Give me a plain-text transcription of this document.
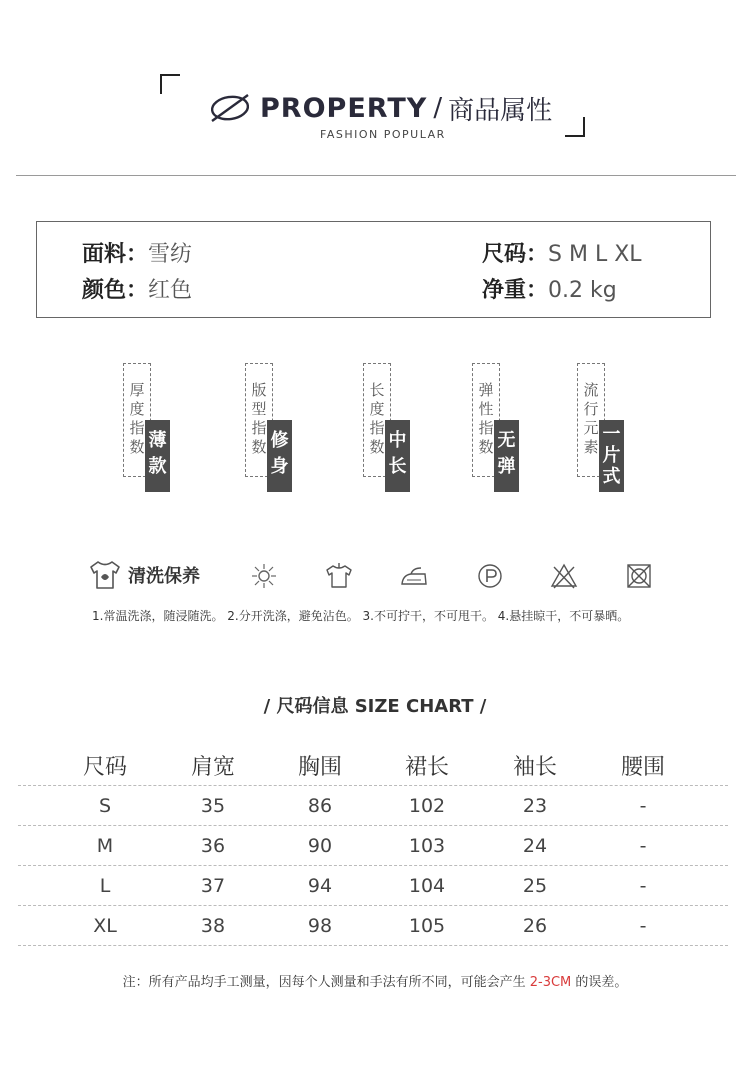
PROPERTY / 商品属性
FASHION POPULAR
面料：雪纺
颜色：红色
尺码：S M L XL
净重：0.2 kg
厚度指数 薄款
版型指数 修身
长度指数 中长
弹性指数 无弹
流行元素
一片式
清洗保养
1.常温洗涤，随浸随洗。 2.分开洗涤，避免沾色。 3.不可拧干，不可甩干。 4.悬挂晾干，不可暴晒。
/ 尺码信息 SIZE CHART /
尺码	肩宽	胸围	裙长	袖长	腰围
S	35	86	102	23	-
M	36	90	103	24	-
L	37	94	104	25	-
XL	38	98	105	26	-
注：所有产品均手工测量，因每个人测量和手法有所不同，可能会产生 2-3CM 的误差。
